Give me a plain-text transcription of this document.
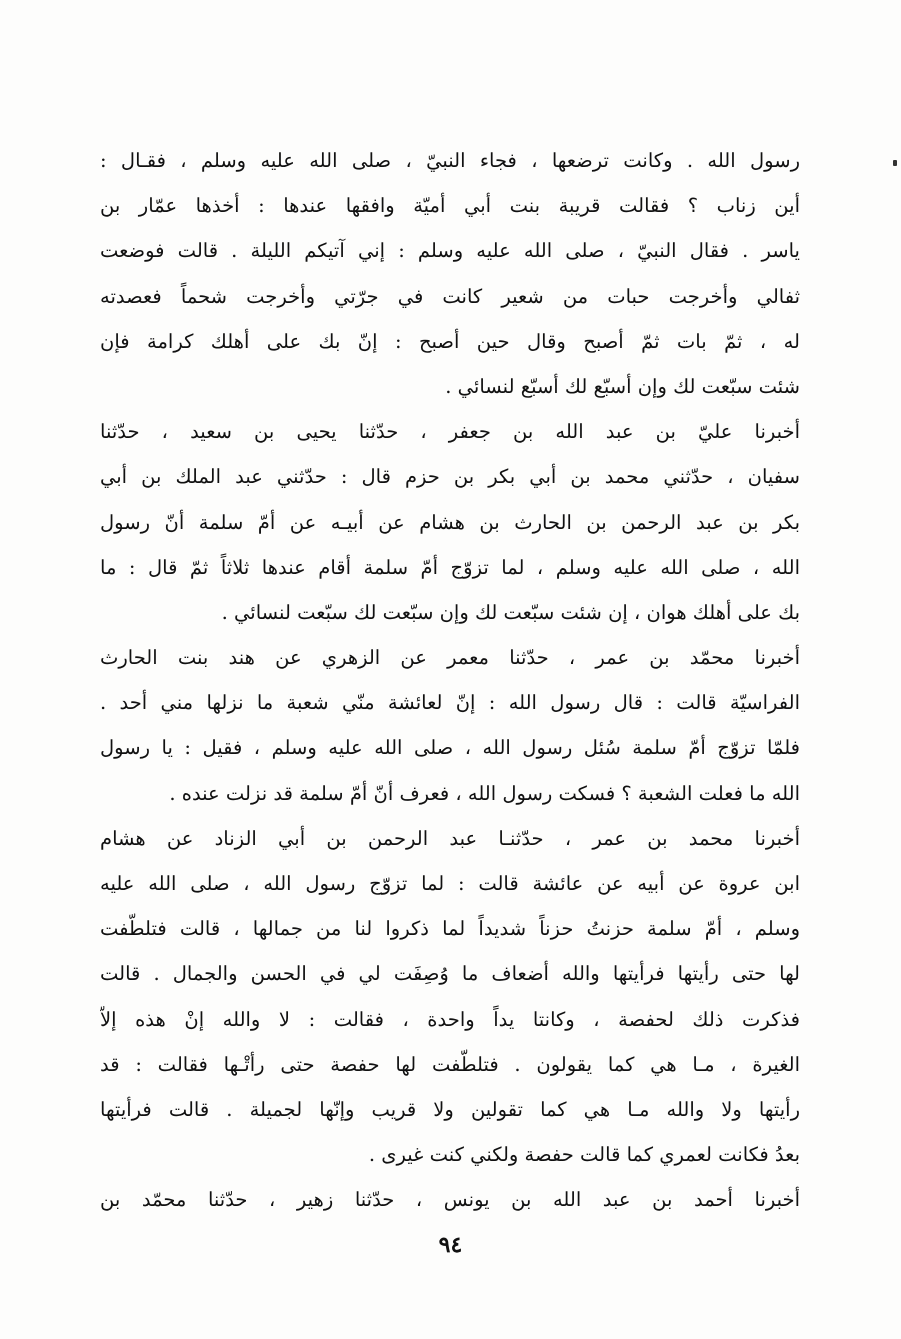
رسول الله . وكانت ترضعها ، فجاء النبيّ ، صلى الله عليه وسلم ، فقـال :
أين زناب ؟ فقالت قريبة بنت أبي أميّة وافقها عندها : أخذها عمّار بن
ياسر . فقال النبيّ ، صلى الله عليه وسلم : إني آتيكم الليلة . قالت فوضعت
ثفالي وأخرجت حبات من شعير كانت في جرّتي وأخرجت شحماً فعصدته
له ، ثمّ بات ثمّ أصبح وقال حين أصبح : إنّ بك على أهلك كرامة فإن
شئت سبّعت لك وإن أسبّع لك أسبّع لنسائي .
أخبرنا عليّ بن عبد الله بن جعفر ، حدّثنا يحيى بن سعيد ، حدّثنا
سفيان ، حدّثني محمد بن أبي بكر بن حزم قال : حدّثني عبد الملك بن أبي
بكر بن عبد الرحمن بن الحارث بن هشام عن أبيـه عن أمّ سلمة أنّ رسول
الله ، صلى الله عليه وسلم ، لما تزوّج أمّ سلمة أقام عندها ثلاثاً ثمّ قال : ما
بك على أهلك هوان ، إن شئت سبّعت لك وإن سبّعت لك سبّعت لنسائي .
أخبرنا محمّد بن عمر ، حدّثنا معمر عن الزهري عن هند بنت الحارث
الفراسيّة قالت : قال رسول الله : إنّ لعائشة منّي شعبة ما نزلها مني أحد .
فلمّا تزوّج أمّ سلمة سُئل رسول الله ، صلى الله عليه وسلم ، فقيل : يا رسول
الله ما فعلت الشعبة ؟ فسكت رسول الله ، فعرف أنّ أمّ سلمة قد نزلت عنده .
أخبرنا محمد بن عمر ، حدّثنـا عبد الرحمن بن أبي الزناد عن هشام
ابن عروة عن أبيه عن عائشة قالت : لما تزوّج رسول الله ، صلى الله عليه
وسلم ، أمّ سلمة حزنتُ حزناً شديداً لما ذكروا لنا من جمالها ، قالت فتلطّفت
لها حتى رأيتها فرأيتها والله أضعاف ما وُصِفَت لي في الحسن والجمال . قالت
فذكرت ذلك لحفصة ، وكانتا يداً واحدة ، فقالت : لا والله إنْ هذه إلاّ
الغيرة ، مـا هي كما يقولون . فتلطّفت لها حفصة حتى رأتْـها فقالت : قد
رأيتها ولا والله مـا هي كما تقولين ولا قريب وإنّها لجميلة . قالت فرأيتها
بعدُ فكانت لعمري كما قالت حفصة ولكني كنت غيرى .
أخبرنا أحمد بن عبد الله بن يونس ، حدّثنا زهير ، حدّثنا محمّد بن
٩٤
